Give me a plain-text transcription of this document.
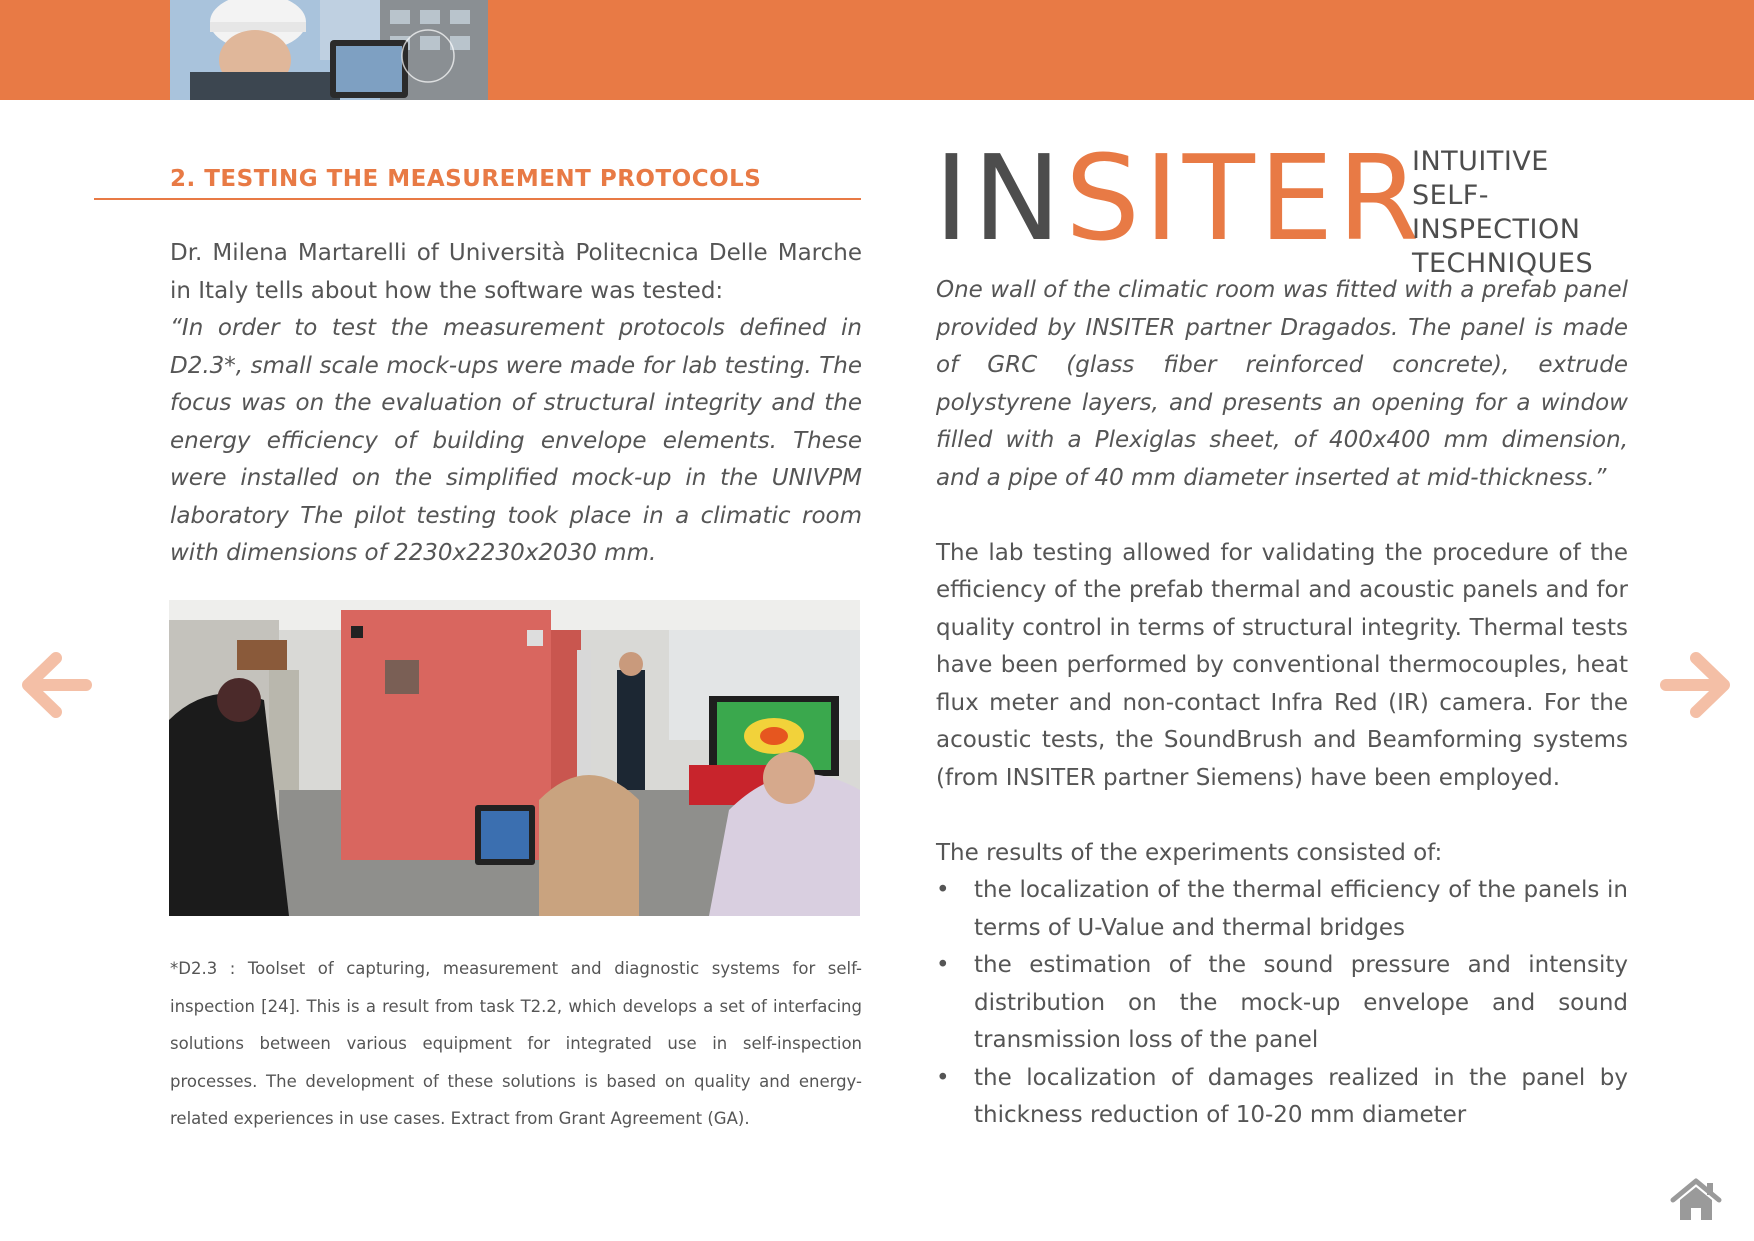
2. TESTING THE MEASUREMENT PROTOCOLS

Dr. Milena Martarelli of Università Politecnica Delle Marche in Italy tells about how the software was tested:

“In order to test the measurement protocols defined in D2.3*, small scale mock-ups were made for lab testing. The focus was on the evaluation of structural integrity and the energy efficiency of building envelope elements. These were installed on the simplified mock-up in the UNIVPM laboratory The pilot testing took place in a climatic room with dimensions of 2230x2230x2030 mm.

*D2.3 : Toolset of capturing, measurement and diagnostic systems for self-inspection [24]. This is a result from task T2.2, which develops a set of interfacing solutions between various equipment for integrated use in self-inspection processes. The development of these solutions is based on quality and energy-related experiences in use cases. Extract from Grant Agreement (GA).

INSITER
INTUITIVE
SELF-INSPECTION
TECHNIQUES

One wall of the climatic room was fitted with a prefab panel provided by INSITER partner Dragados. The panel is made of GRC (glass fiber reinforced concrete), extrude polystyrene layers, and presents an opening for a window filled with a Plexiglas sheet, of 400x400 mm dimension, and a pipe of 40 mm diameter inserted at mid-thickness.”

The lab testing allowed for validating the procedure of the efficiency of the prefab thermal and acoustic panels and for quality control in terms of structural integrity. Thermal tests have been performed by conventional thermocouples, heat flux meter and non-contact Infra Red (IR) camera. For the acoustic tests, the SoundBrush and Beamforming systems (from INSITER partner Siemens) have been employed.

The results of the experiments consisted of:

• the localization of the thermal efficiency of the panels in terms of U-Value and thermal bridges
• the estimation of the sound pressure and intensity distribution on the mock-up envelope and sound transmission loss of the panel
• the localization of damages realized in the panel by thickness reduction of 10-20 mm diameter
